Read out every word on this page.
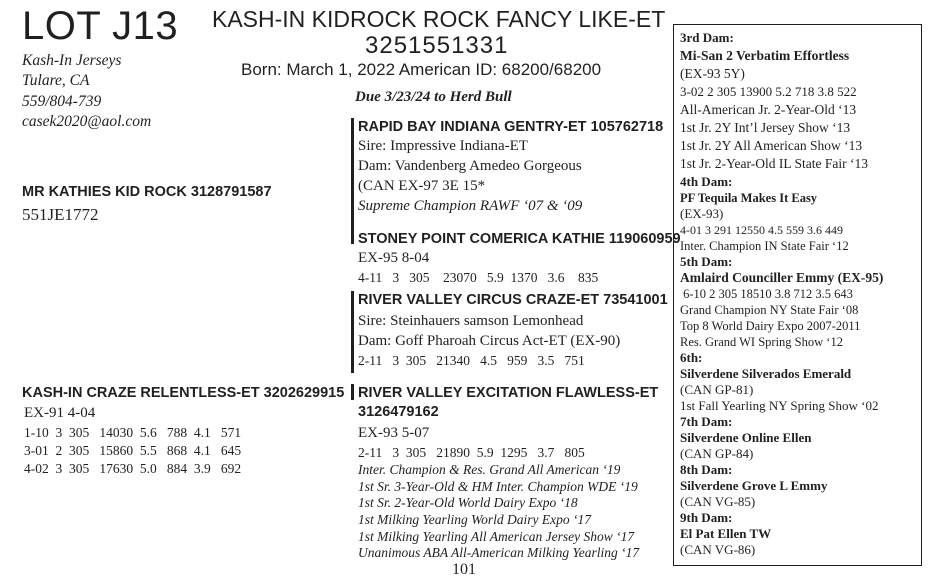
LOT J13 KASH-IN KIDROCK ROCK FANCY LIKE-ET
3251551331
Born: March 1, 2022 American ID: 68200/68200
Due 3/23/24 to Herd Bull
Kash-In Jerseys
Tulare, CA
559/804-739
casek2020@aol.com
MR KATHIES KID ROCK 3128791587
551JE1772
KASH-IN CRAZE RELENTLESS-ET 3202629915
EX-91 4-04
1-10  3  305   14030  5.6   788  4.1   571
3-01  2  305   15860  5.5   868  4.1   645
4-02  3  305   17630  5.0   884  3.9   692
RAPID BAY INDIANA GENTRY-ET 105762718
Sire: Impressive Indiana-ET
Dam: Vandenberg Amedeo Gorgeous
(CAN EX-97 3E 15*
Supreme Champion RAWF ‘07 & ‘09
STONEY POINT COMERICA KATHIE 119060959
EX-95 8-04
4-11   3   305    23070   5.9  1370   3.6    835
RIVER VALLEY CIRCUS CRAZE-ET 73541001
Sire: Steinhauers samson Lemonhead
Dam: Goff Pharoah Circus Act-ET (EX-90)
2-11   3  305   21340   4.5   959   3.5   751
RIVER VALLEY EXCITATION FLAWLESS-ET
3126479162
EX-93 5-07
2-11   3  305   21890  5.9  1295   3.7   805
Inter. Champion & Res. Grand All American ‘19
1st Sr. 3-Year-Old & HM Inter. Champion WDE ‘19
1st Sr. 2-Year-Old World Dairy Expo ‘18
1st Milking Yearling World Dairy Expo ‘17
1st Milking Yearling All American Jersey Show ‘17
Unanimous ABA All-American Milking Yearling ‘17
3rd Dam:
Mi-San 2 Verbatim Effortless
(EX-93 5Y)
3-02 2 305 13900 5.2 718 3.8 522
All-American Jr. 2-Year-Old ‘13
1st Jr. 2Y Int’l Jersey Show ‘13
1st Jr. 2Y All American Show ‘13
1st Jr. 2-Year-Old IL State Fair ‘13
4th Dam:
PF Tequila Makes It Easy
(EX-93)
4-01 3 291 12550 4.5 559 3.6 449
Inter. Champion IN State Fair ‘12
5th Dam:
Amlaird Counciller Emmy (EX-95)
6-10 2 305 18510 3.8 712 3.5 643
Grand Champion NY State Fair ‘08
Top 8 World Dairy Expo 2007-2011
Res. Grand WI Spring Show ‘12
6th:
Silverdene Silverados Emerald
(CAN GP-81)
1st Fall Yearling NY Spring Show ‘02
7th Dam:
Silverdene Online Ellen
(CAN GP-84)
8th Dam:
Silverdene Grove L Emmy
(CAN VG-85)
9th Dam:
El Pat Ellen TW
(CAN VG-86)
101
